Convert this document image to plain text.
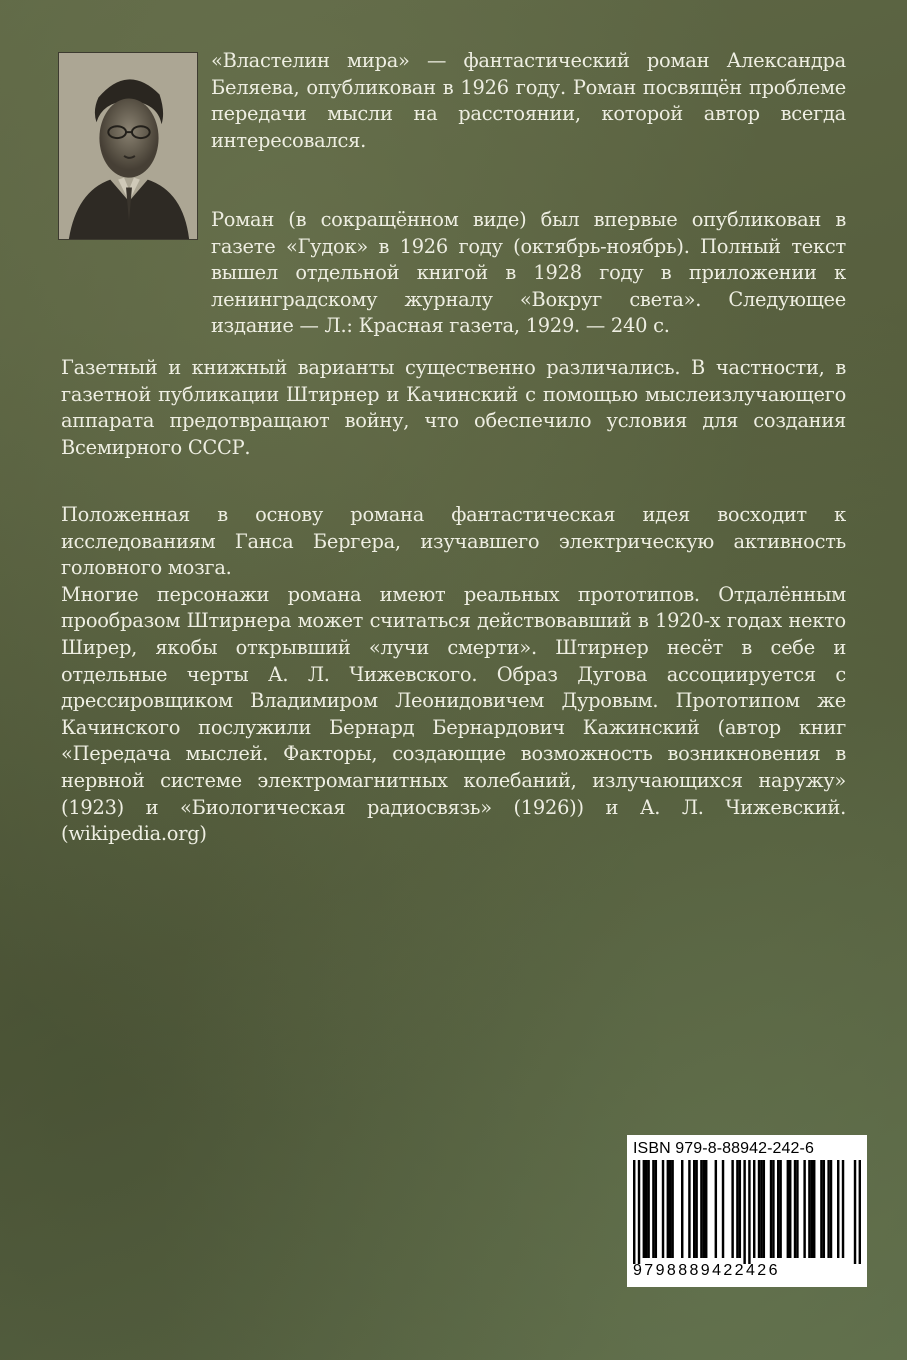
«Властелин мира» — фантастический роман Александра Беляева, опубликован в 1926 году. Роман посвящён проблеме передачи мысли на расстоянии, которой автор всегда интересовался.

Роман (в сокращённом виде) был впервые опубликован в газете «Гудок» в 1926 году (октябрь-ноябрь). Полный текст вышел отдельной книгой в 1928 году в приложении к ленинградскому журналу «Вокруг света». Следующее издание — Л.: Красная газета, 1929. — 240 с.

Газетный и книжный варианты существенно различались. В частности, в газетной публикации Штирнер и Качинский с помощью мыслеизлучающего аппарата предотвращают войну, что обеспечило условия для создания Всемирного СССР.

Положенная в основу романа фантастическая идея восходит к исследованиям Ганса Бергера, изучавшего электрическую активность головного мозга.

Многие персонажи романа имеют реальных прототипов. Отдалённым прообразом Штирнера может считаться действовавший в 1920-х годах некто Ширер, якобы открывший «лучи смерти». Штирнер несёт в себе и отдельные черты А. Л. Чижевского. Образ Дугова ассоциируется с дрессировщиком Владимиром Леонидовичем Дуровым. Прототипом же Качинского послужили Бернард Бернардович Кажинский (автор книг «Передача мыслей. Факторы, создающие возможность возникновения в нервной системе электромагнитных колебаний, излучающихся наружу» (1923) и «Биологическая радиосвязь» (1926)) и А. Л. Чижевский. (wikipedia.org)

ISBN 979-8-88942-242-6
9798889422426
